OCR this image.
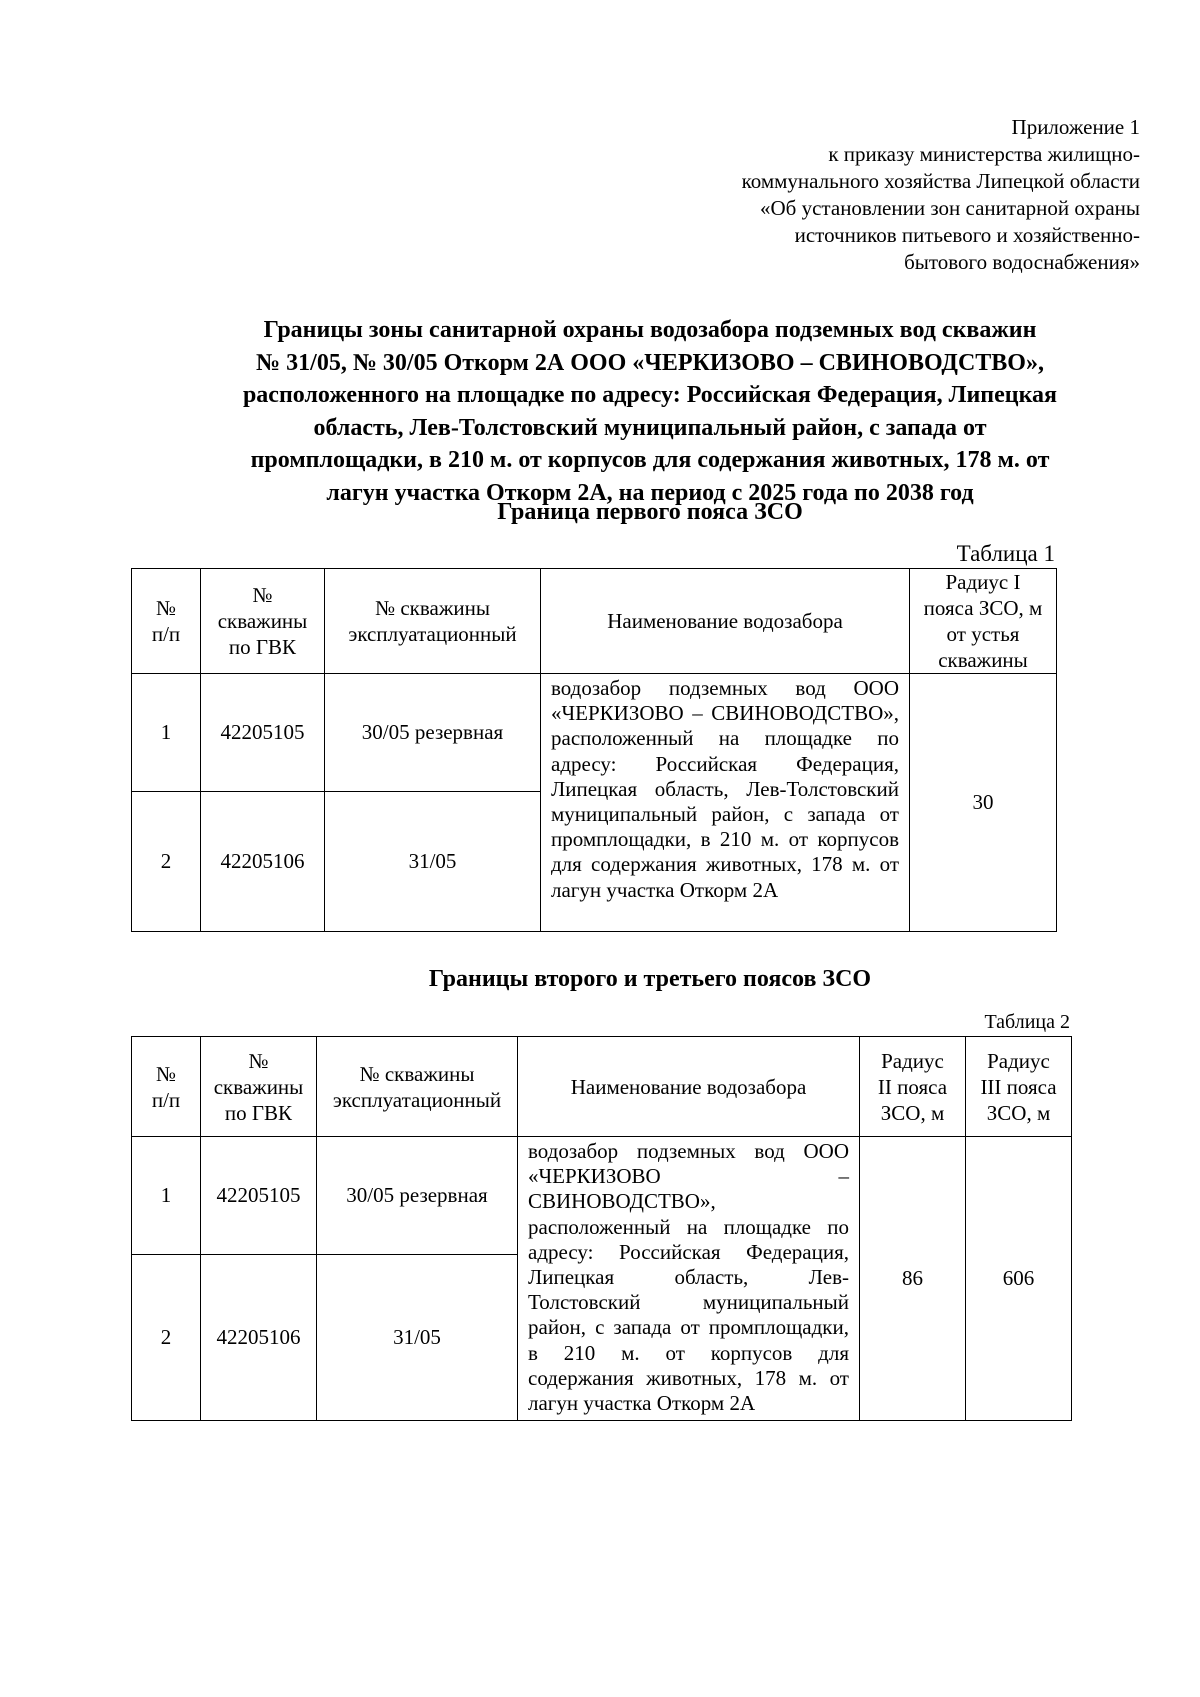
Приложение 1
к приказу министерства жилищно-
коммунального хозяйства Липецкой области
«Об установлении зон санитарной охраны
источников питьевого и хозяйственно-
бытового водоснабжения»
Границы зоны санитарной охраны водозабора подземных вод скважин
№ 31/05, № 30/05 Откорм 2А ООО «ЧЕРКИЗОВО – СВИНОВОДСТВО»,
расположенного на площадке по адресу: Российская Федерация, Липецкая
область, Лев-Толстовский муниципальный район, с запада от
промплощадки, в 210 м. от корпусов для содержания животных, 178 м. от
лагун участка Откорм 2А, на период с 2025 года по 2038 год
Граница первого пояса ЗСО
Таблица 1
№
п/п	№
скважины
по ГВК	№ скважины
эксплуатационный	Наименование водозабора	Радиус I
пояса ЗСО, м
от устья
скважины

1	42205105	30/05 резервная	водозабор подземных вод ООО «ЧЕРКИЗОВО – СВИНОВОДСТВО», расположенный на площадке по адресу: Российская Федерация, Липецкая область, Лев-Толстовский муниципальный район, с запада от промплощадки, в 210 м. от корпусов для содержания животных, 178 м. от лагун участка Откорм 2А	30
2	42205106	31/05		
Границы второго и третьего поясов ЗСО
Таблица 2
№
п/п	№
скважины
по ГВК	№ скважины
эксплуатационный	Наименование водозабора	Радиус
II пояса
ЗСО, м	Радиус
III пояса
ЗСО, м

1	42205105	30/05 резервная	водозабор подземных вод ООО «ЧЕРКИЗОВО – СВИНОВОДСТВО», расположенный на площадке по адресу: Российская Федерация, Липецкая область, Лев-Толстовский муниципальный район, с запада от промплощадки, в 210 м. от корпусов для содержания животных, 178 м. от лагун участка Откорм 2А	86	606
2	42205106	31/05			
